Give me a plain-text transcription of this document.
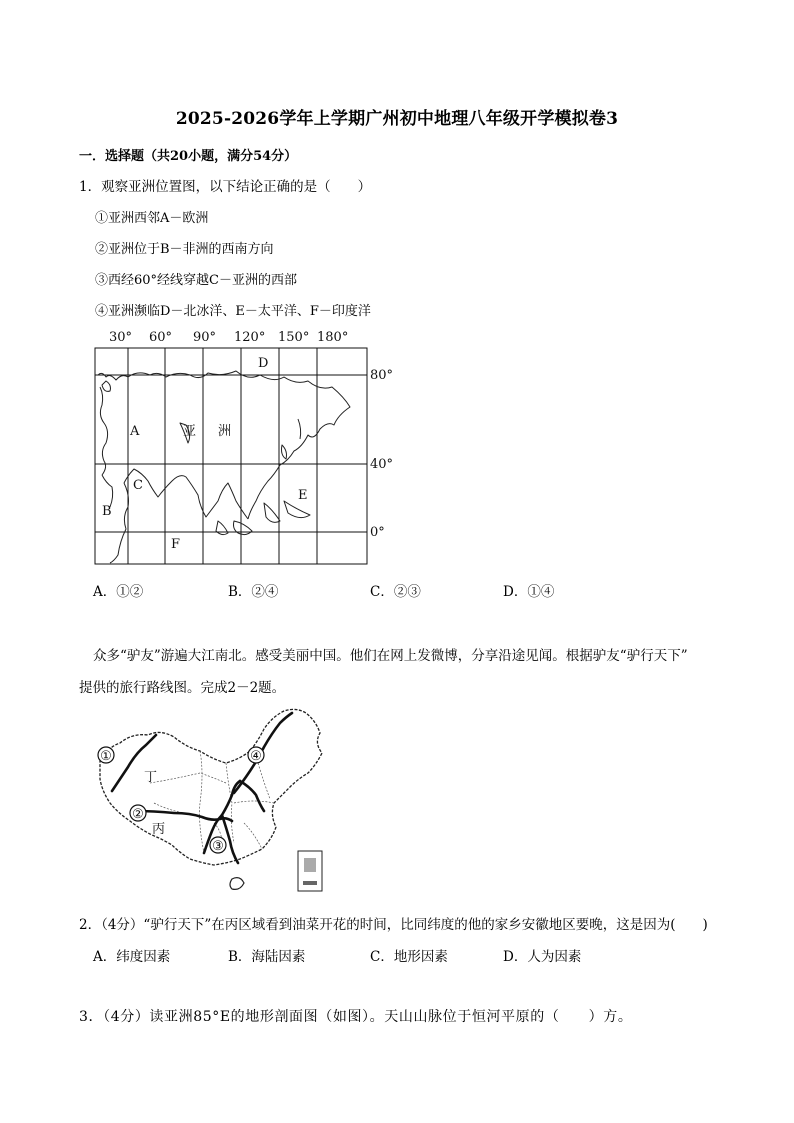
2025-2026学年上学期广州初中地理八年级开学模拟卷3
一．选择题（共20小题，满分54分）
1．观察亚洲位置图，以下结论正确的是（　　）
①亚洲西邻A－欧洲
②亚洲位于B－非洲的西南方向
③西经60°经线穿越C－亚洲的西部
④亚洲濒临D－北冰洋、E－太平洋、F－印度洋
30° 60° 90° 120° 150° 180°
D
A	亚 洲
C
E
B
F
80°
40°
0°
A．①②	B．②④	C．②③	D．①④
众多“驴友”游遍大江南北。感受美丽中国。他们在网上发微博，分享沿途见闻。根据驴友“驴行天下”
提供的旅行路线图。完成2－2题。
①
②
③
④
丁
丙
2．（4分）“驴行天下”在丙区域看到油菜开花的时间，比同纬度的他的家乡安徽地区要晚，这是因为(　　)
A．纬度因素	B．海陆因素	C．地形因素	D．人为因素
3．（4分）读亚洲85°E的地形剖面图（如图）。天山山脉位于恒河平原的（　　）方。
